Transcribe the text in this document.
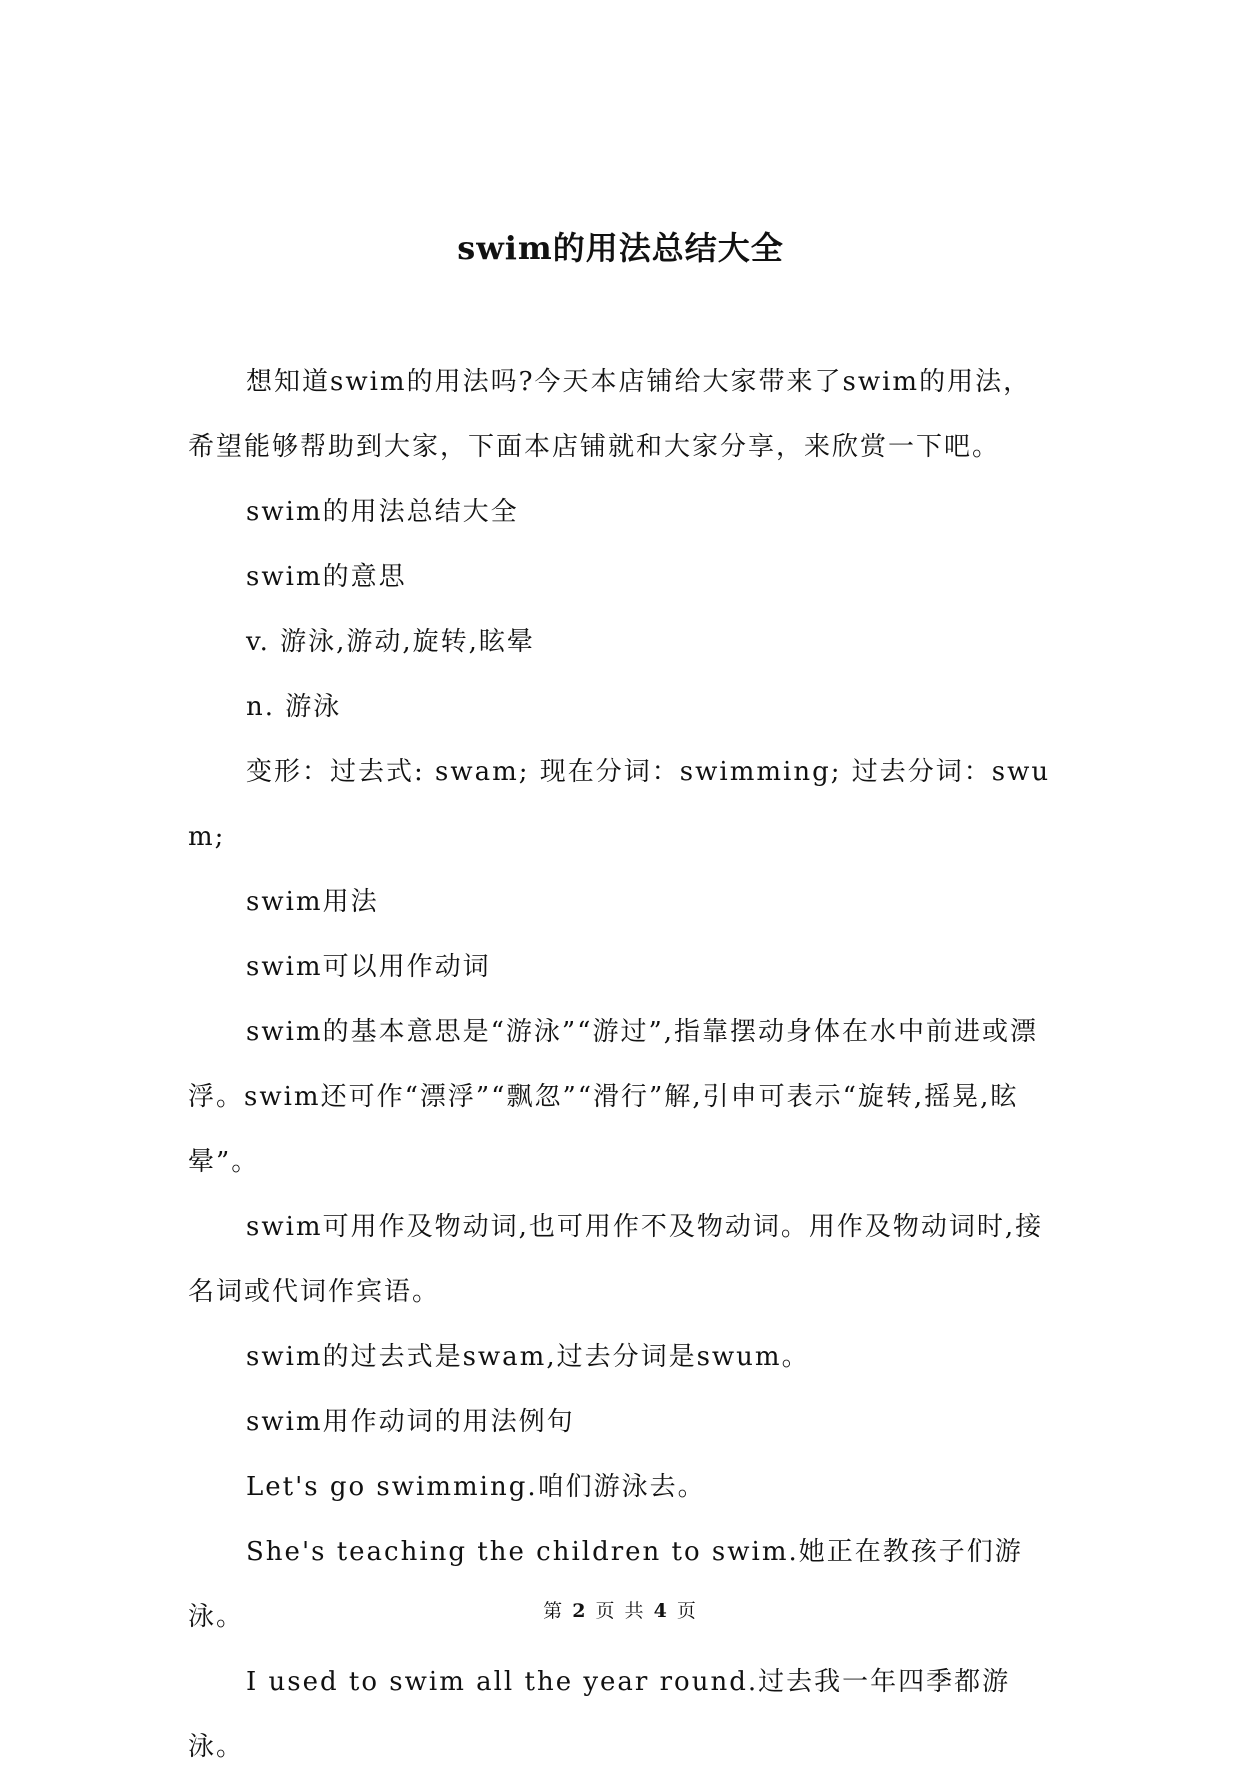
swim的用法总结大全

想知道swim的用法吗?今天本店铺给大家带来了swim的用法，希望能够帮助到大家，下面本店铺就和大家分享，来欣赏一下吧。

swim的用法总结大全

swim的意思

v. 游泳,游动,旋转,眩晕

n. 游泳

变形：过去式: swam; 现在分词：swimming; 过去分词：swum;

swim用法

swim可以用作动词

swim的基本意思是“游泳”“游过”,指靠摆动身体在水中前进或漂浮。swim还可作“漂浮”“飘忽”“滑行”解,引申可表示“旋转,摇晃,眩晕”。

swim可用作及物动词,也可用作不及物动词。用作及物动词时,接名词或代词作宾语。

swim的过去式是swam,过去分词是swum。

swim用作动词的用法例句

Let's go swimming.咱们游泳去。

She's teaching the children to swim.她正在教孩子们游泳。

I used to swim all the year round.过去我一年四季都游泳。

第 2 页 共 4 页
